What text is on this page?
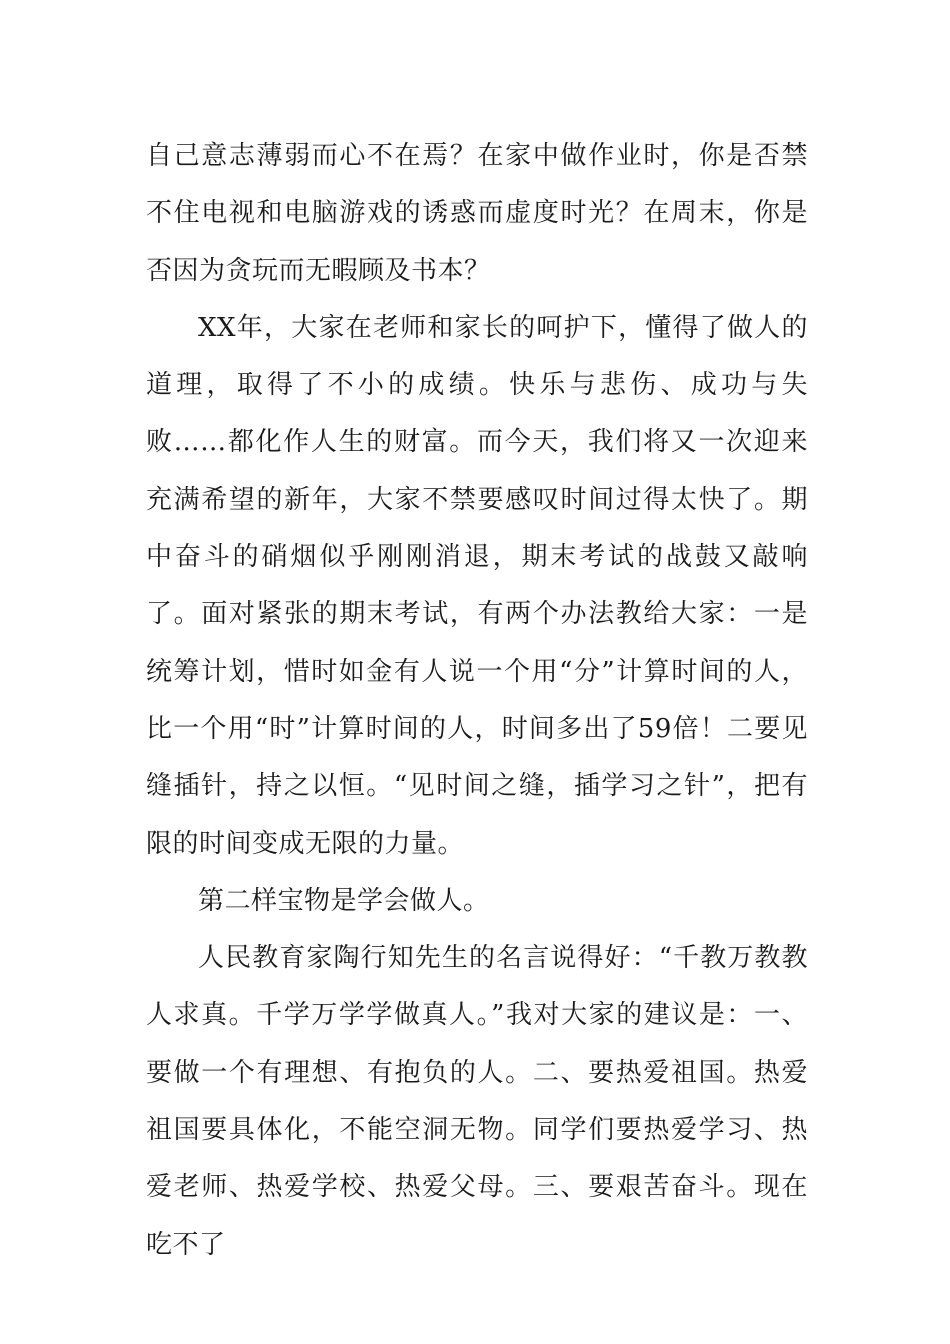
自己意志薄弱而心不在焉？在家中做作业时，你是否禁不住电视和电脑游戏的诱惑而虚度时光？在周末，你是否因为贪玩而无暇顾及书本？

XX年，大家在老师和家长的呵护下，懂得了做人的道理，取得了不小的成绩。快乐与悲伤、成功与失败……都化作人生的财富。而今天，我们将又一次迎来充满希望的新年，大家不禁要感叹时间过得太快了。期中奋斗的硝烟似乎刚刚消退，期末考试的战鼓又敲响了。面对紧张的期末考试，有两个办法教给大家：一是统筹计划，惜时如金有人说一个用“分”计算时间的人，比一个用“时”计算时间的人，时间多出了59倍！二要见缝插针，持之以恒。“见时间之缝，插学习之针”，把有限的时间变成无限的力量。

第二样宝物是学会做人。

人民教育家陶行知先生的名言说得好：“千教万教教人求真。千学万学学做真人。”我对大家的建议是：一、要做一个有理想、有抱负的人。二、要热爱祖国。热爱祖国要具体化，不能空洞无物。同学们要热爱学习、热爱老师、热爱学校、热爱父母。三、要艰苦奋斗。现在吃不了
